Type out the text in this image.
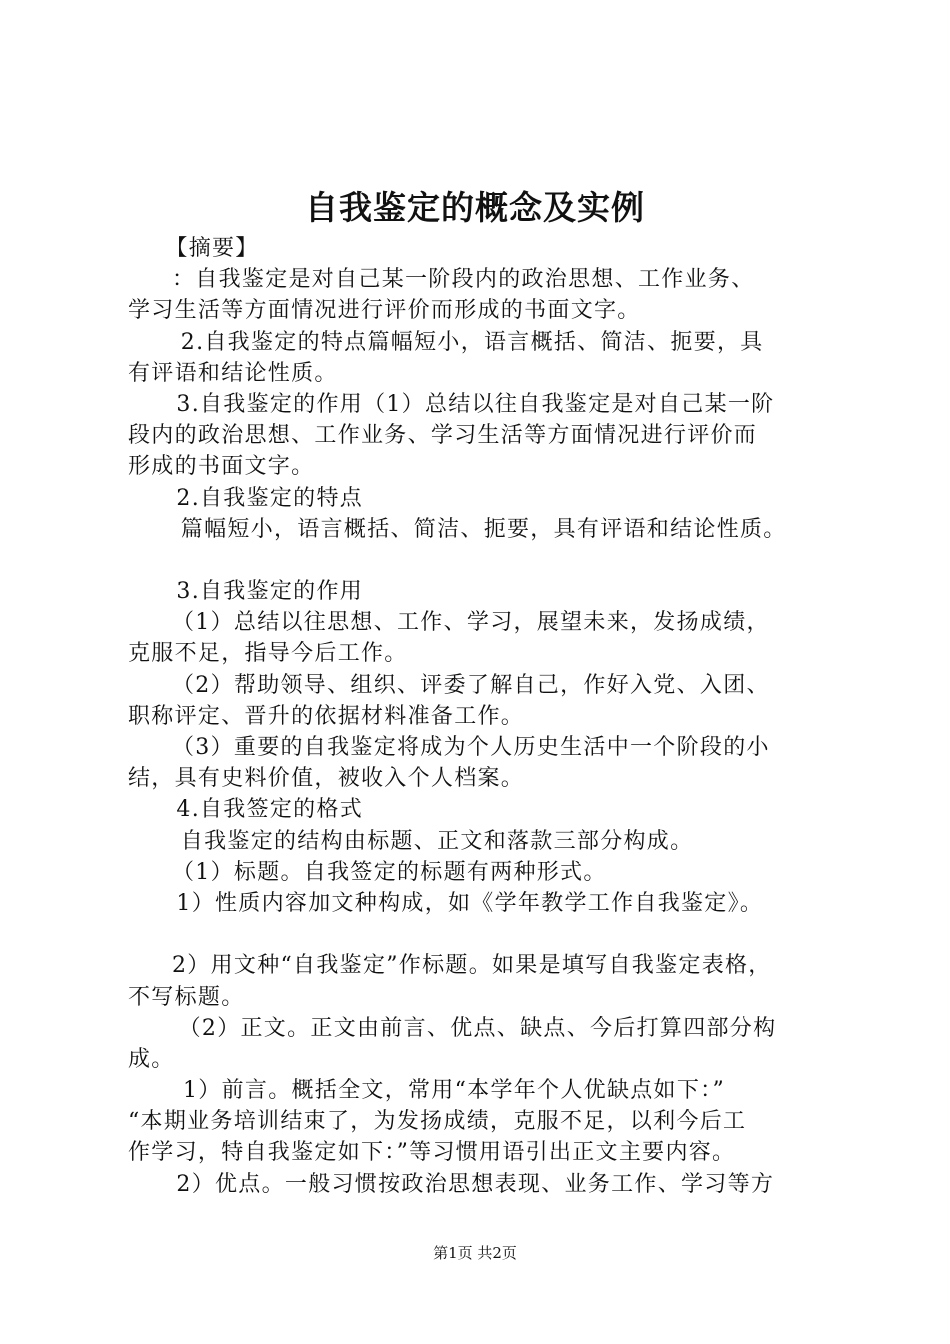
自我鉴定的概念及实例
【摘要】
：自我鉴定是对自己某一阶段内的政治思想、工作业务、
学习生活等方面情况进行评价而形成的书面文字。
2.自我鉴定的特点篇幅短小，语言概括、简洁、扼要，具
有评语和结论性质。
3.自我鉴定的作用（1）总结以往自我鉴定是对自己某一阶
段内的政治思想、工作业务、学习生活等方面情况进行评价而
形成的书面文字。
2.自我鉴定的特点
篇幅短小，语言概括、简洁、扼要，具有评语和结论性质。
3.自我鉴定的作用
（1）总结以往思想、工作、学习，展望未来，发扬成绩，
克服不足，指导今后工作。
（2）帮助领导、组织、评委了解自己，作好入党、入团、
职称评定、晋升的依据材料准备工作。
（3）重要的自我鉴定将成为个人历史生活中一个阶段的小
结，具有史料价值，被收入个人档案。
4.自我签定的格式
自我鉴定的结构由标题、正文和落款三部分构成。
（1）标题。自我签定的标题有两种形式。
1）性质内容加文种构成，如《学年教学工作自我鉴定》。
2）用文种“自我鉴定”作标题。如果是填写自我鉴定表格，
不写标题。
（2）正文。正文由前言、优点、缺点、今后打算四部分构
成。
1）前言。概括全文，常用“本学年个人优缺点如下：”
“本期业务培训结束了，为发扬成绩，克服不足，以利今后工
作学习，特自我鉴定如下：”等习惯用语引出正文主要内容。
2）优点。一般习惯按政治思想表现、业务工作、学习等方
第1页 共2页
